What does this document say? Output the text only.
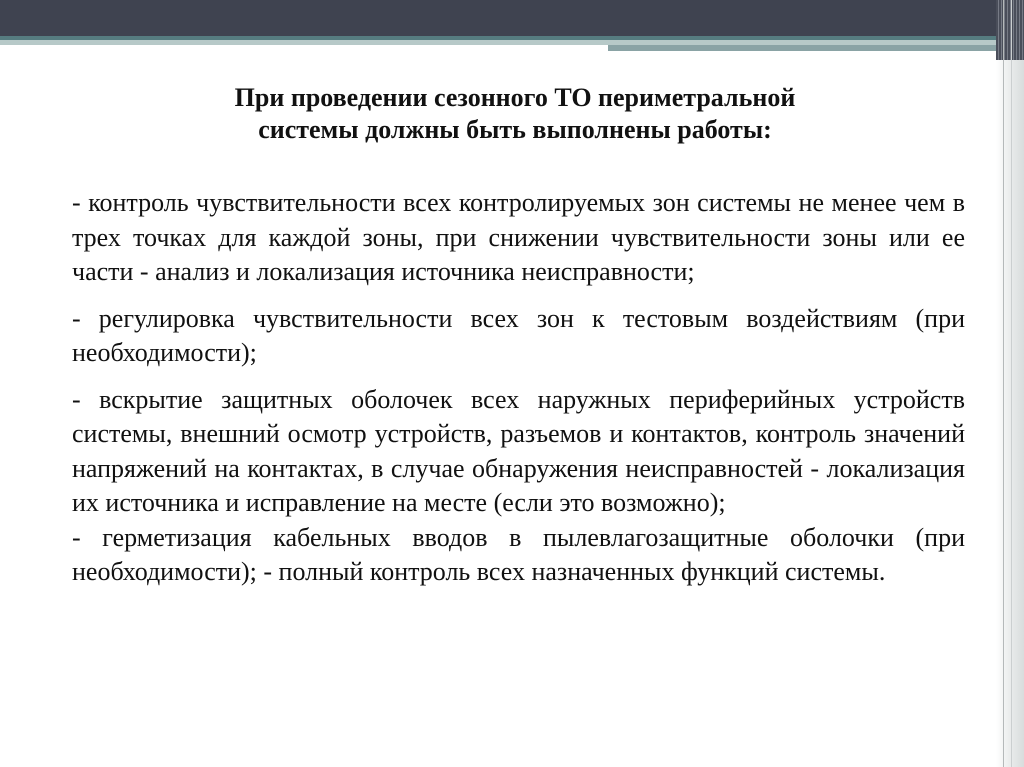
При проведении сезонного ТО периметральной
системы должны быть выполнены работы:
- контроль чувствительности всех контролируемых зон системы не менее чем в трех точках для каждой зоны, при снижении чувствительности зоны или ее части - анализ и локализация источника неисправности;
- регулировка чувствительности всех зон к тестовым воздействиям (при необходимости);
- вскрытие защитных оболочек всех наружных периферийных устройств системы, внешний осмотр устройств, разъемов и контактов, контроль значений напряжений на контактах, в случае обнаружения неисправностей - локализация их источника и исправление на месте (если это возможно);
- герметизация кабельных вводов в пылевлагозащитные оболочки (при необходимости); - полный контроль всех назначенных функций системы.
